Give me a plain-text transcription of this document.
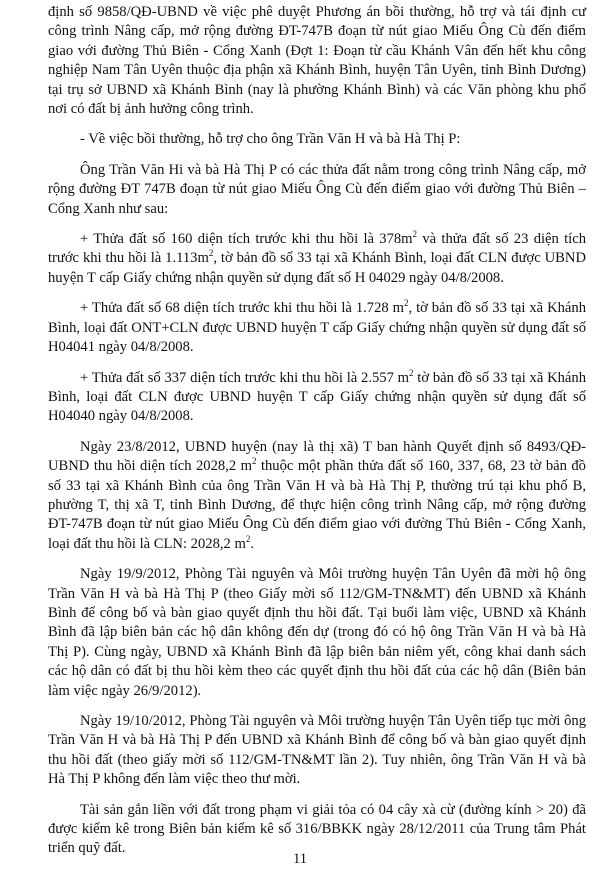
định số 9858/QĐ-UBND về việc phê duyệt Phương án bồi thường, hỗ trợ và tái định cư công trình Nâng cấp, mở rộng đường ĐT-747B đoạn từ nút giao Miếu Ông Cù đến điểm giao với đường Thủ Biên - Cổng Xanh (Đợt 1: Đoạn từ cầu Khánh Vân đến hết khu công nghiệp Nam Tân Uyên thuộc địa phận xã Khánh Bình, huyện Tân Uyên, tỉnh Bình Dương) tại trụ sở UBND xã Khánh Bình (nay là phường Khánh Bình) và các Văn phòng khu phố nơi có đất bị ảnh hưởng công trình.

- Về việc bồi thường, hỗ trợ cho ông Trần Văn H và bà Hà Thị P:

Ông Trần Văn Hi và bà Hà Thị P có các thửa đất nằm trong công trình Nâng cấp, mở rộng đường ĐT 747B đoạn từ nút giao Miếu Ông Cù đến điểm giao với đường Thủ Biên – Cổng Xanh như sau:

+ Thửa đất số 160 diện tích trước khi thu hồi là $378m^2$ và thửa đất số 23 diện tích trước khi thu hồi là $1.113m^2$, tờ bản đồ số 33 tại xã Khánh Bình, loại đất CLN được UBND huyện T cấp Giấy chứng nhận quyền sử dụng đất số H 04029 ngày 04/8/2008.

+ Thửa đất số 68 diện tích trước khi thu hồi là 1.728 $m^2$, tờ bản đồ số 33 tại xã Khánh Bình, loại đất ONT+CLN được UBND huyện T cấp Giấy chứng nhận quyền sử dụng đất số H04041 ngày 04/8/2008.

+ Thửa đất số 337 diện tích trước khi thu hồi là 2.557 $m^2$ tờ bản đồ số 33 tại xã Khánh Bình, loại đất CLN được UBND huyện T cấp Giấy chứng nhận quyền sử dụng đất số H04040 ngày 04/8/2008.

Ngày 23/8/2012, UBND huyện (nay là thị xã) T ban hành Quyết định số 8493/QĐ-UBND thu hồi diện tích 2028,2 $m^2$ thuộc một phần thửa đất số 160, 337, 68, 23 tờ bản đồ số 33 tại xã Khánh Bình của ông Trần Văn H và bà Hà Thị P, thường trú tại khu phố B, phường T, thị xã T, tỉnh Bình Dương, để thực hiện công trình Nâng cấp, mở rộng đường ĐT-747B đoạn từ nút giao Miếu Ông Cù đến điểm giao với đường Thủ Biên - Cổng Xanh, loại đất thu hồi là CLN: 2028,2 $m^2$.

Ngày 19/9/2012, Phòng Tài nguyên và Môi trường huyện Tân Uyên đã mời hộ ông Trần Văn H và bà Hà Thị P (theo Giấy mời số 112/GM-TN&MT) đến UBND xã Khánh Bình để công bố và bàn giao quyết định thu hồi đất. Tại buổi làm việc, UBND xã Khánh Bình đã lập biên bản các hộ dân không đến dự (trong đó có hộ ông Trần Văn H và bà Hà Thị P). Cùng ngày, UBND xã Khánh Bình đã lập biên bản niêm yết, công khai danh sách các hộ dân có đất bị thu hồi kèm theo các quyết định thu hồi đất của các hộ dân (Biên bản làm việc ngày 26/9/2012).

Ngày 19/10/2012, Phòng Tài nguyên và Môi trường huyện Tân Uyên tiếp tục mời ông Trần Văn H và bà Hà Thị P đến UBND xã Khánh Bình để công bố và bàn giao quyết định thu hồi đất (theo giấy mời số 112/GM-TN&MT lần 2). Tuy nhiên, ông Trần Văn H và bà Hà Thị P không đến làm việc theo thư mời.

Tài sản gắn liền với đất trong phạm vi giải tỏa có 04 cây xà cừ (đường kính > 20) đã được kiểm kê trong Biên bản kiểm kê số 316/BBKK ngày 28/12/2011 của Trung tâm Phát triển quỹ đất.

11
